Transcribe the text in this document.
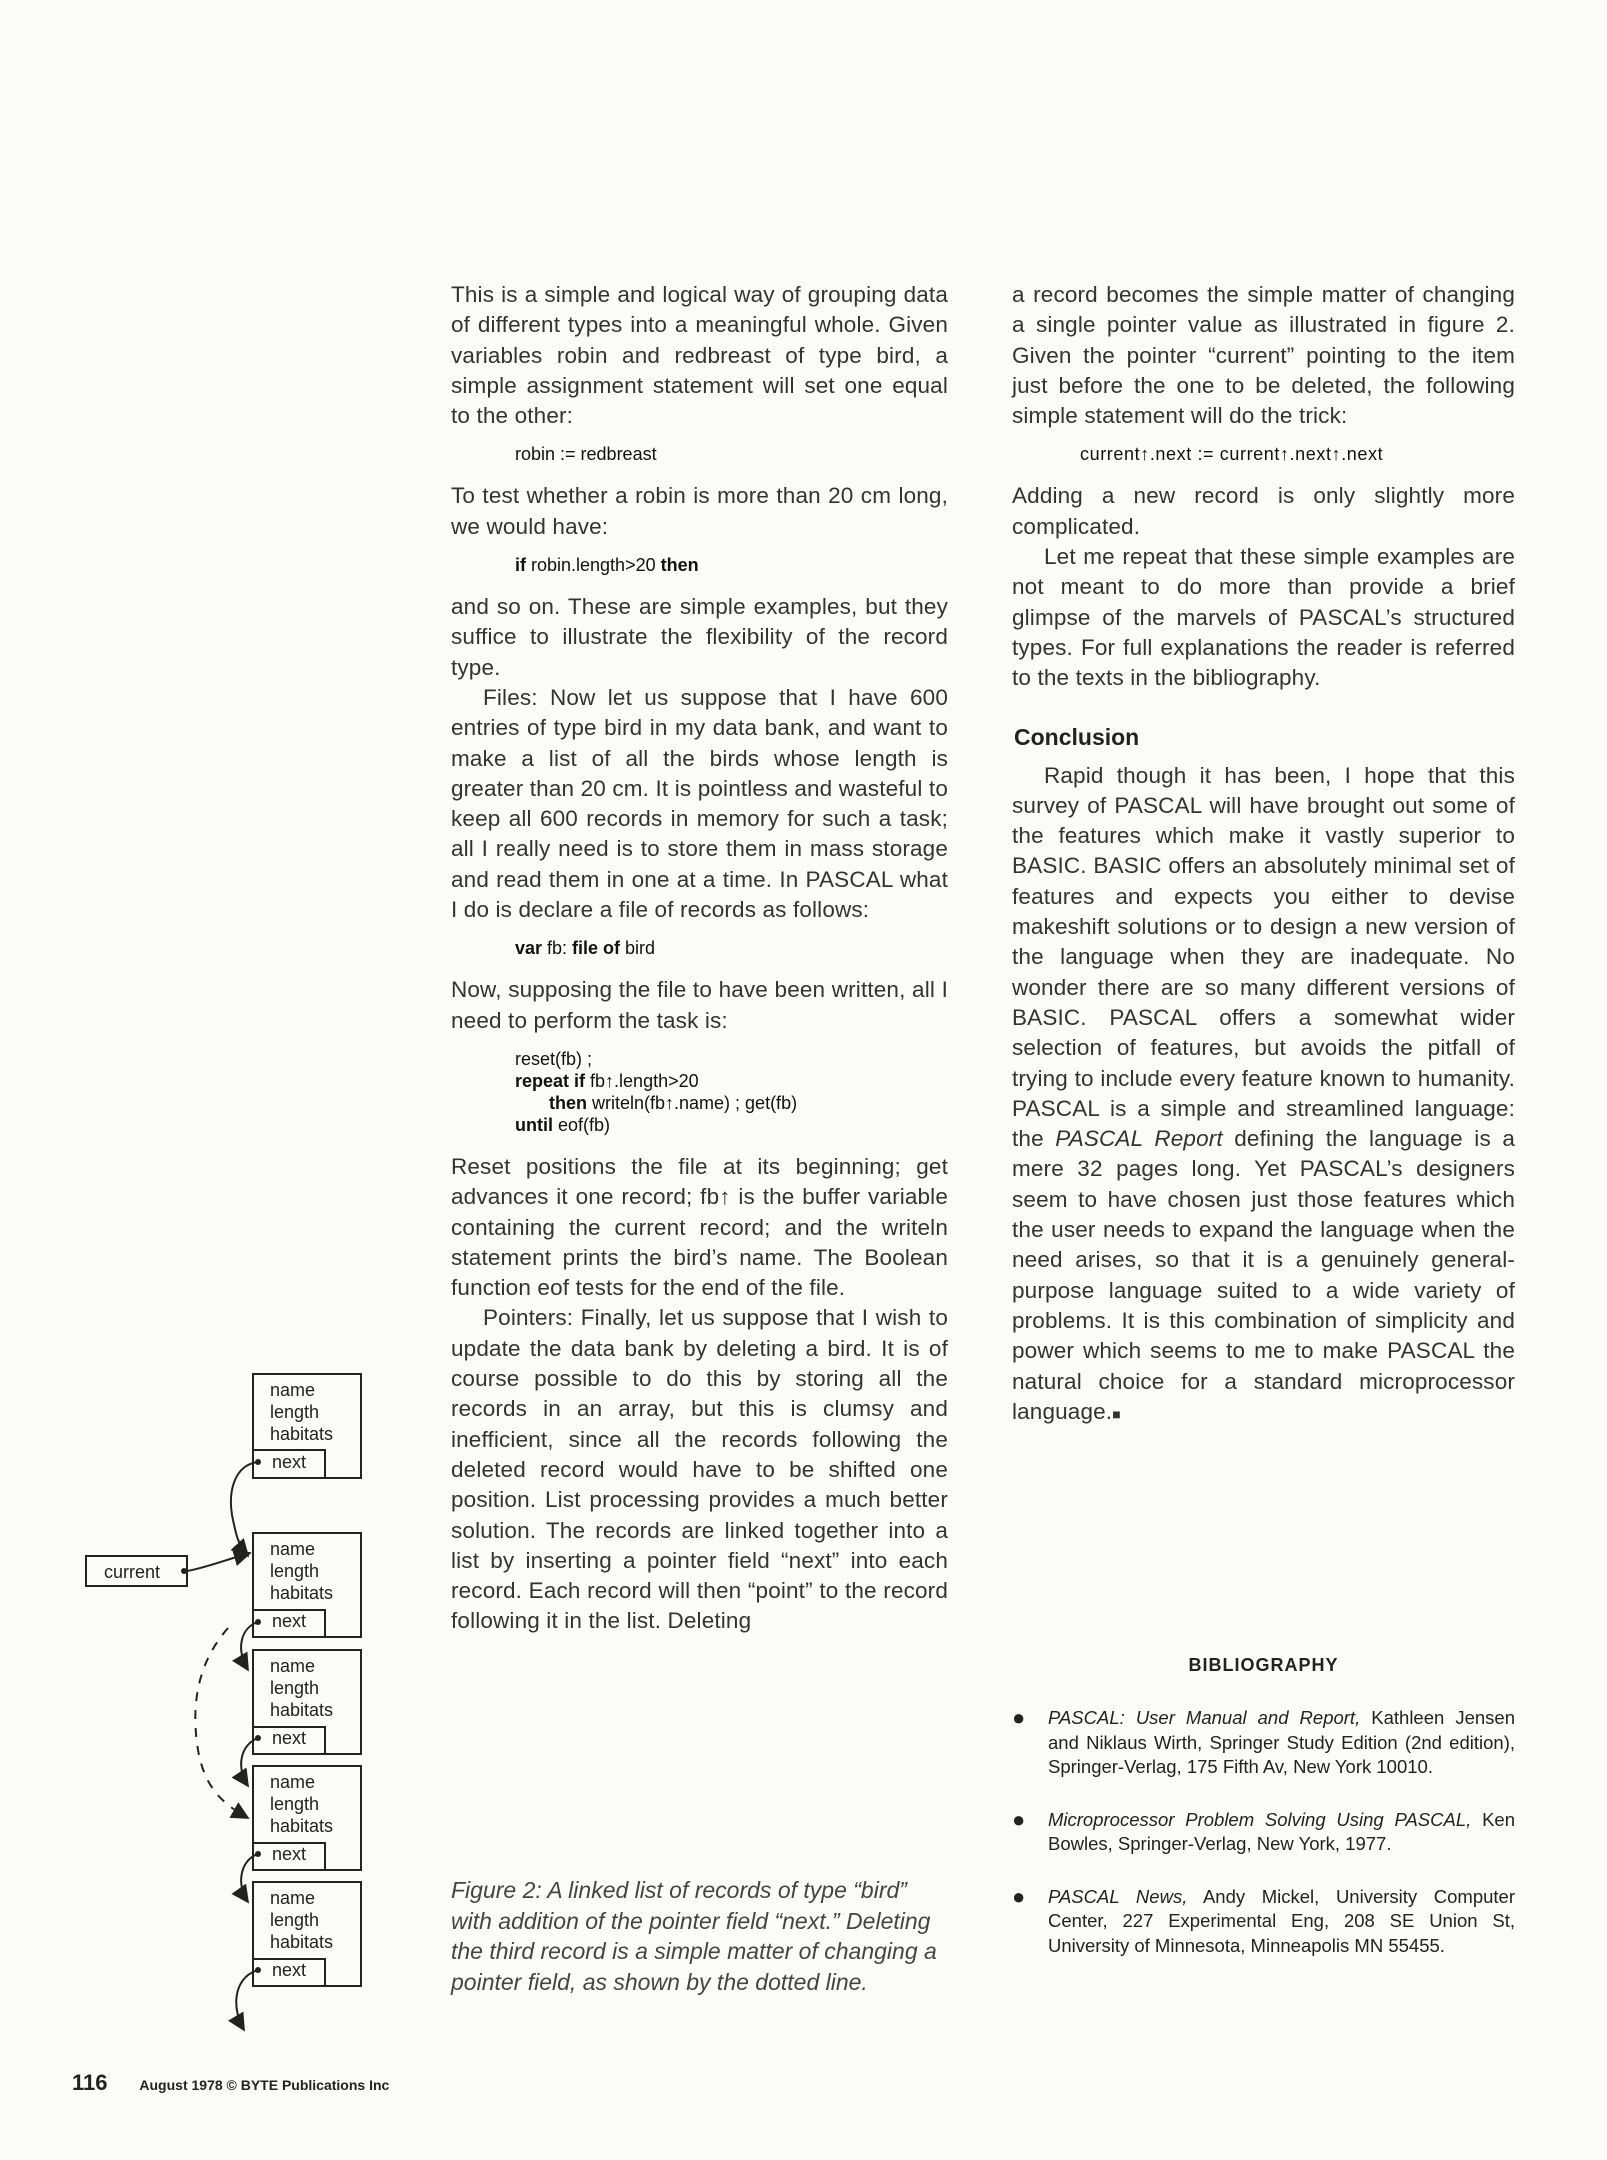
current
name
length
habitats
next
name
length
habitats
next
name
length
habitats
next
name
length
habitats
next
name
length
habitats
next

This is a simple and logical way of grouping data of different types into a meaningful whole. Given variables robin and redbreast of type bird, a simple assignment statement will set one equal to the other:

robin := redbreast

To test whether a robin is more than 20 cm long, we would have:

if robin.length>20 then

and so on. These are simple examples, but they suffice to illustrate the flexibility of the record type.

Files: Now let us suppose that I have 600 entries of type bird in my data bank, and want to make a list of all the birds whose length is greater than 20 cm. It is pointless and wasteful to keep all 600 records in memory for such a task; all I really need is to store them in mass storage and read them in one at a time. In PASCAL what I do is declare a file of records as follows:

var fb: file of bird

Now, supposing the file to have been written, all I need to perform the task is:

reset(fb) ;
repeat if fb↑.length>20
then writeln(fb↑.name) ; get(fb)
until eof(fb)

Reset positions the file at its beginning; get advances it one record; fb↑ is the buffer variable containing the current record; and the writeln statement prints the bird’s name. The Boolean function eof tests for the end of the file.

Pointers: Finally, let us suppose that I wish to update the data bank by deleting a bird. It is of course possible to do this by storing all the records in an array, but this is clumsy and inefficient, since all the records following the deleted record would have to be shifted one position. List processing provides a much better solution. The records are linked together into a list by inserting a pointer field “next” into each record. Each record will then “point” to the record following it in the list. Deleting

a record becomes the simple matter of changing a single pointer value as illustrated in figure 2. Given the pointer “current” pointing to the item just before the one to be deleted, the following simple statement will do the trick:

current↑.next := current↑.next↑.next

Adding a new record is only slightly more complicated.

Let me repeat that these simple examples are not meant to do more than provide a brief glimpse of the marvels of PASCAL’s structured types. For full explanations the reader is referred to the texts in the bibliography.

Conclusion

Rapid though it has been, I hope that this survey of PASCAL will have brought out some of the features which make it vastly superior to BASIC. BASIC offers an absolutely minimal set of features and expects you either to devise makeshift solutions or to design a new version of the language when they are inadequate. No wonder there are so many different versions of BASIC. PASCAL offers a somewhat wider selection of features, but avoids the pitfall of trying to include every feature known to humanity. PASCAL is a simple and streamlined language: the PASCAL Report defining the language is a mere 32 pages long. Yet PASCAL’s designers seem to have chosen just those features which the user needs to expand the language when the need arises, so that it is a genuinely general-purpose language suited to a wide variety of problems. It is this combination of simplicity and power which seems to me to make PASCAL the natural choice for a standard microprocessor language.■

Figure 2: A linked list of records of type “bird” with addition of the pointer field “next.” Deleting the third record is a simple matter of changing a pointer field, as shown by the dotted line.
BIBLIOGRAPHY
● PASCAL: User Manual and Report, Kathleen Jensen and Niklaus Wirth, Springer Study Edition (2nd edition), Springer-Verlag, 175 Fifth Av, New York 10010.
● Microprocessor Problem Solving Using PASCAL, Ken Bowles, Springer-Verlag, New York, 1977.
● PASCAL News, Andy Mickel, University Computer Center, 227 Experimental Eng, 208 SE Union St, University of Minnesota, Minneapolis MN 55455.
116 August 1978 © BYTE Publications Inc
